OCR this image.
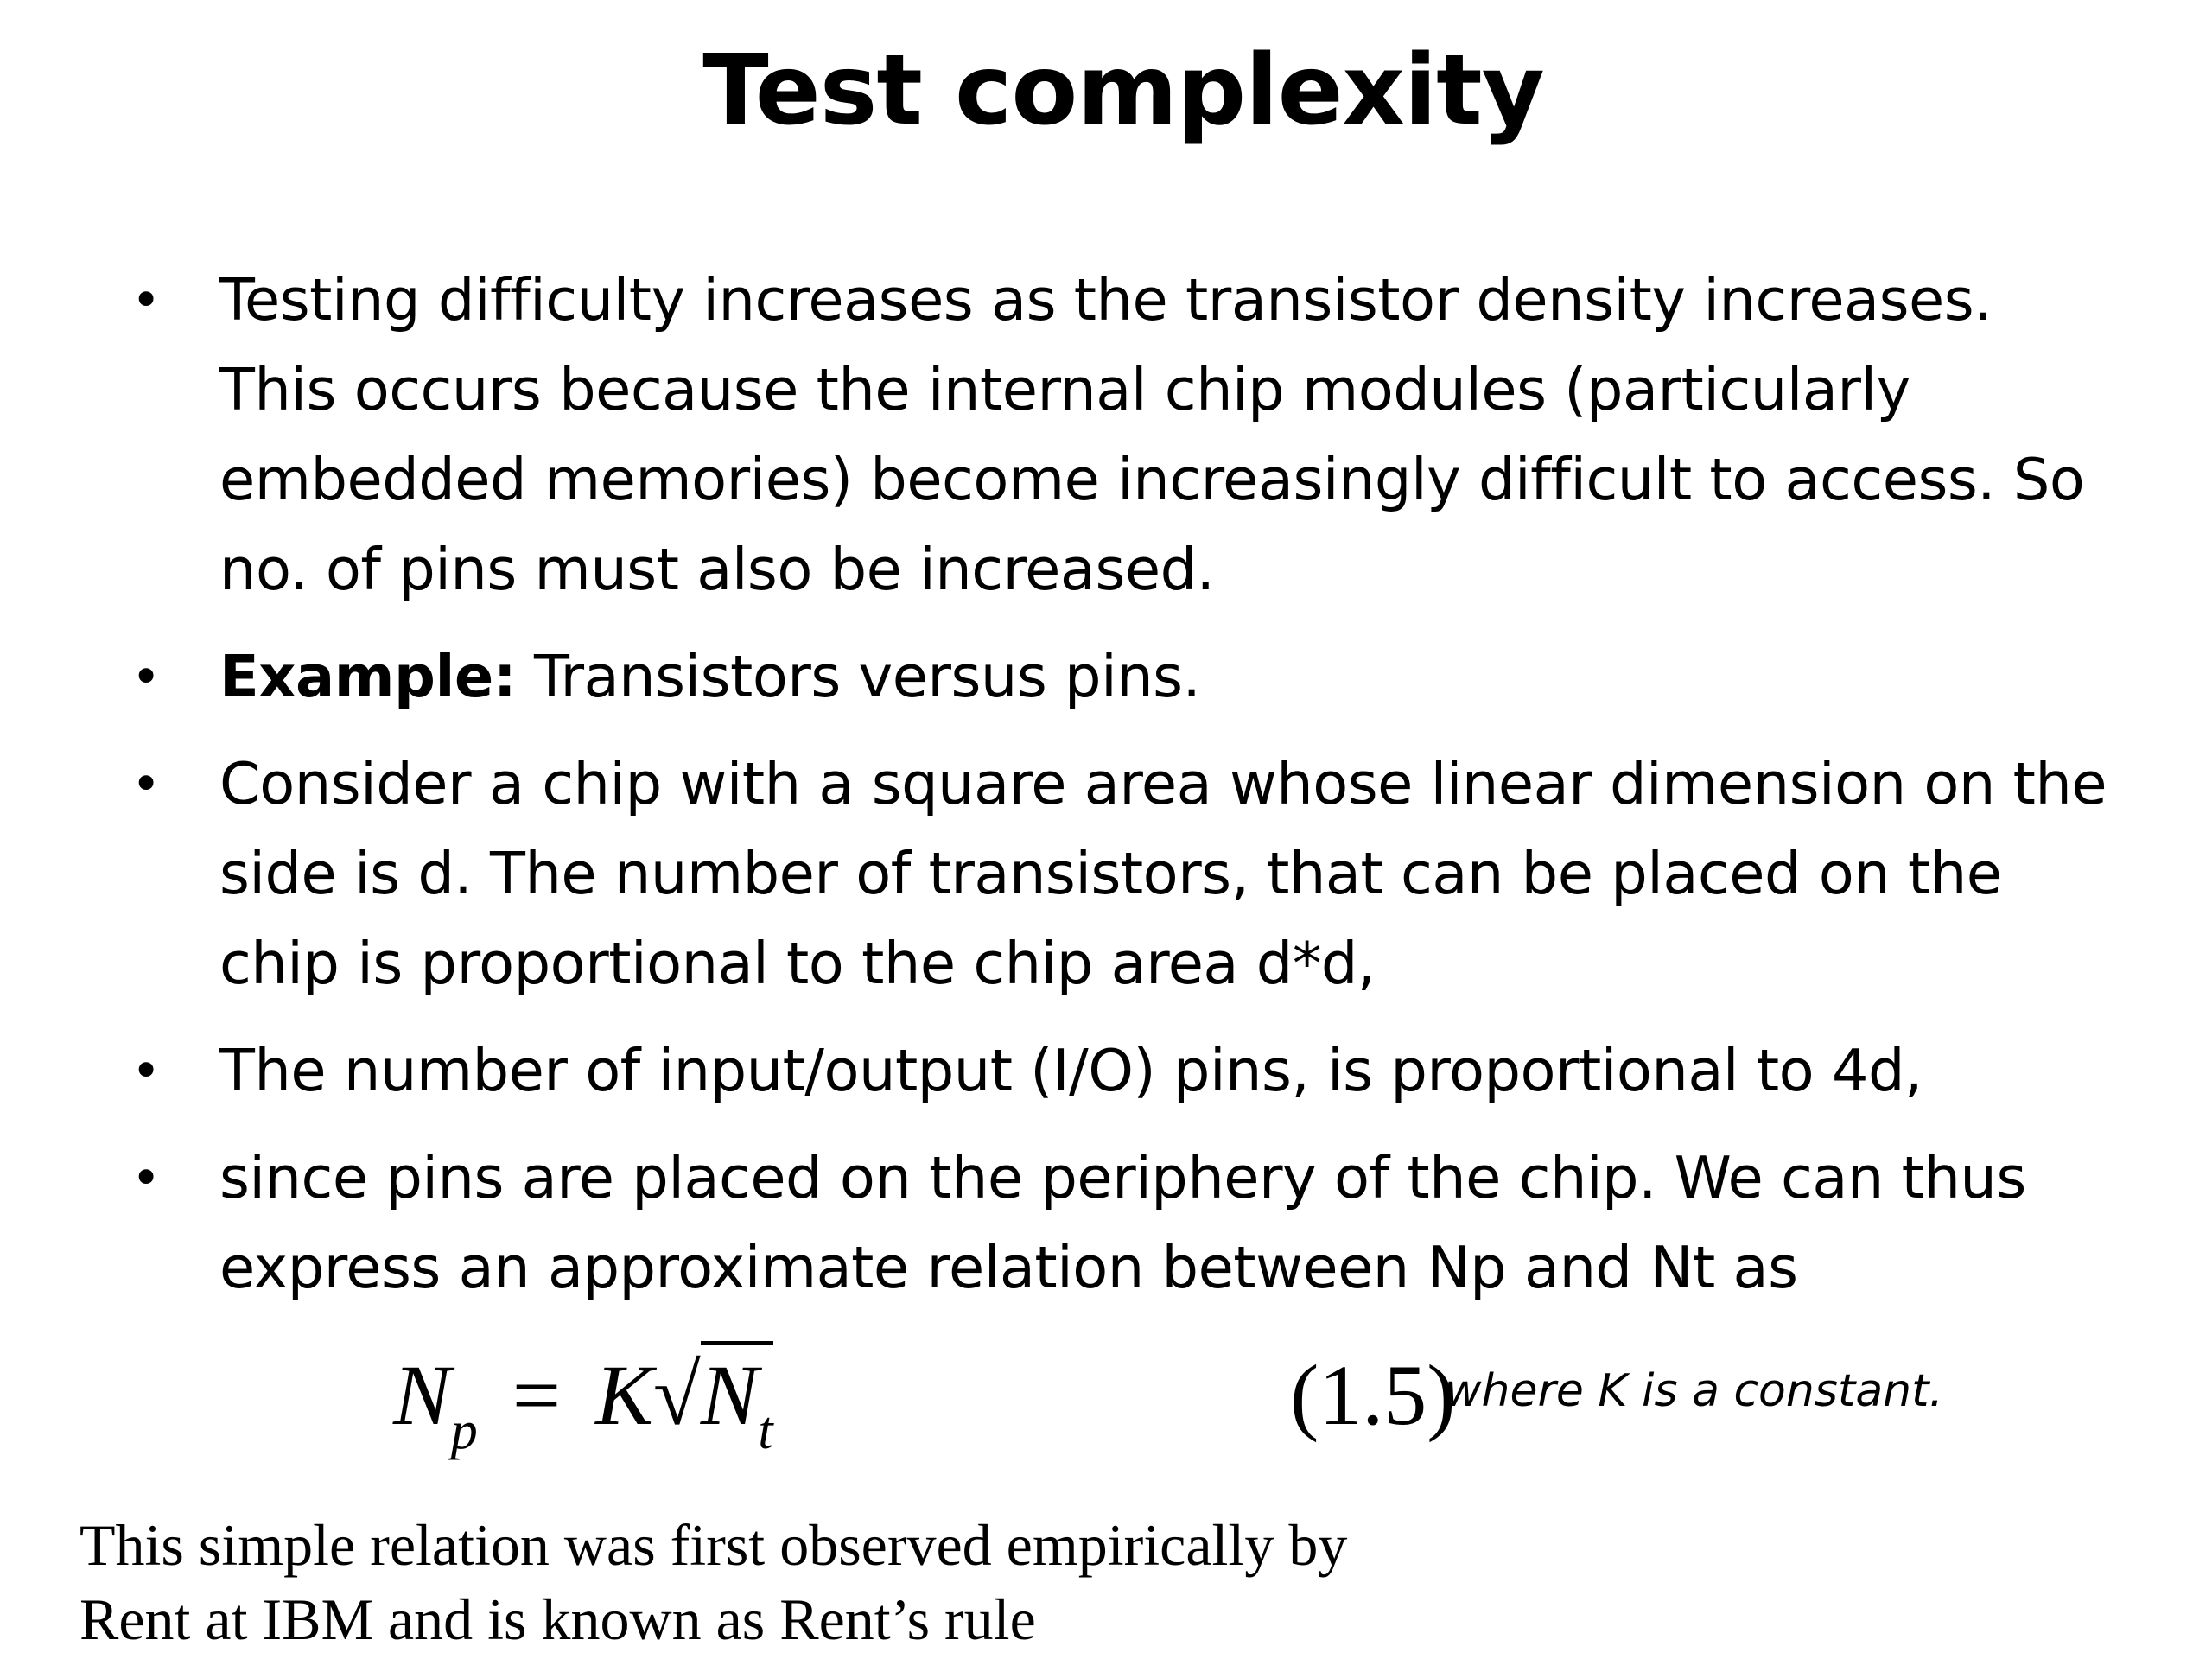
Test complexity
•	Testing difficulty increases as the transistor density increases. This occurs because the internal chip modules (particularly embedded memories) become increasingly difficult to access. So no. of pins must also be increased.
•	Example: Transistors versus pins.
•	Consider a chip with a square area whose linear dimension on the side is d. The number of transistors, that can be placed on the chip is proportional to the chip area d*d,
•	The number of input/output (I/O) pins, is proportional to 4d,
•	since pins are placed on the periphery of the chip. We can thus express an approximate relation between Np and Nt as
$N_p = K√N_t$	(1.5)
where K is a constant.
This simple relation was first observed empirically by
Rent at IBM and is known as Rent’s rule
